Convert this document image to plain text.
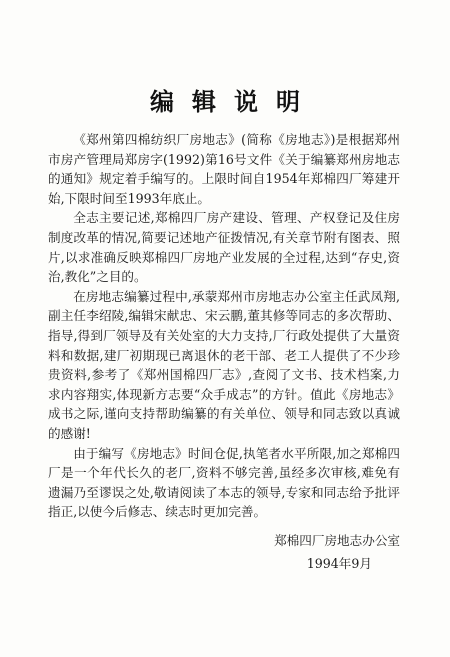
编辑说明

《郑州第四棉纺织厂房地志》(简称《房地志》)是根据郑州市房产管理局郑房字(1992)第16号文件《关于编纂郑州房地志的通知》规定着手编写的。上限时间自1954年郑棉四厂筹建开始,下限时间至1993年底止。

全志主要记述,郑棉四厂房产建设、管理、产权登记及住房制度改革的情况,简要记述地产征拨情况,有关章节附有图表、照片,以求准确反映郑棉四厂房地产业发展的全过程,达到“存史,资治,教化”之目的。

在房地志编纂过程中,承蒙郑州市房地志办公室主任武凤翔,副主任李绍陵,编辑宋献忠、宋云鹏,董其修等同志的多次帮助、指导,得到厂领导及有关处室的大力支持,厂行政处提供了大量资料和数据,建厂初期现已离退休的老干部、老工人提供了不少珍贵资料,参考了《郑州国棉四厂志》,查阅了文书、技术档案,力求内容翔实,体现新方志要“众手成志”的方针。值此《房地志》成书之际,谨向支持帮助编纂的有关单位、领导和同志致以真诚的感谢!

由于编写《房地志》时间仓促,执笔者水平所限,加之郑棉四厂是一个年代长久的老厂,资料不够完善,虽经多次审核,难免有遗漏乃至谬误之处,敬请阅读了本志的领导,专家和同志给予批评指正,以使今后修志、续志时更加完善。

郑棉四厂房地志办公室
1994年9月
